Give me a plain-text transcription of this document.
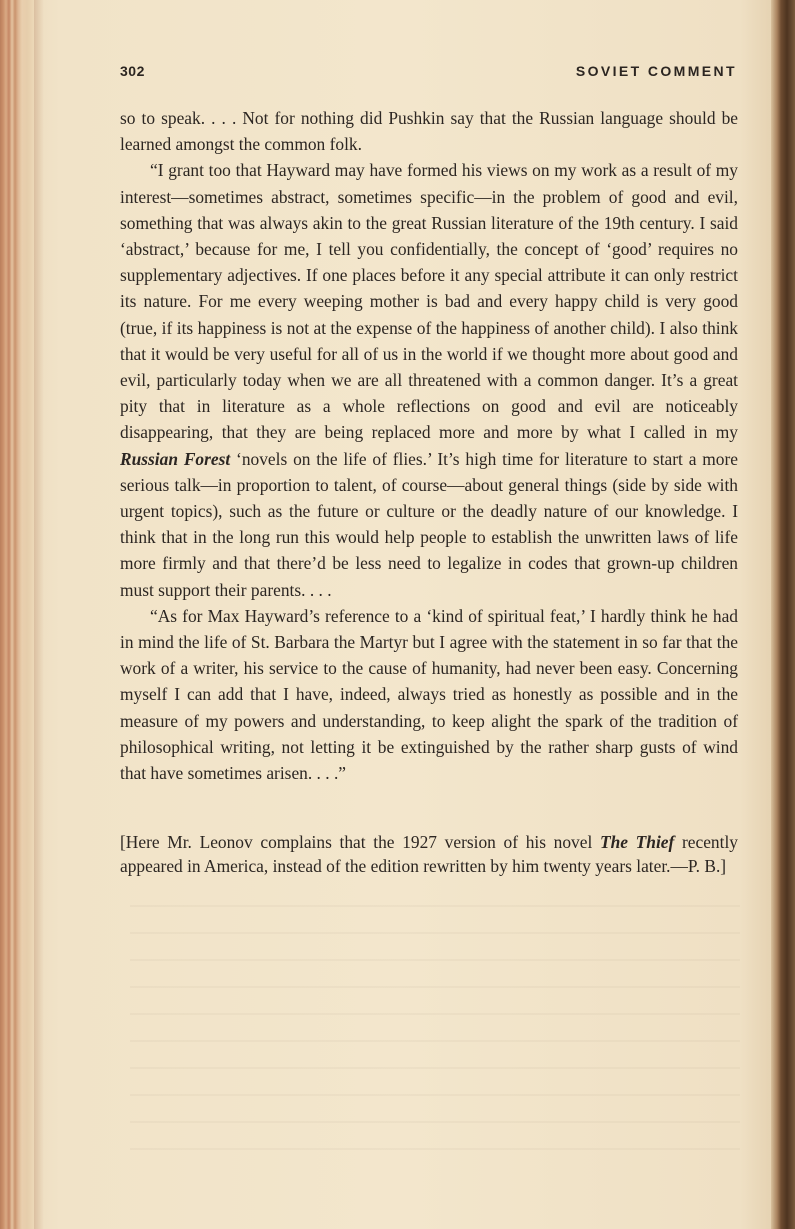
302	SOVIET COMMENT

so to speak. . . . Not for nothing did Pushkin say that the Russian language should be learned amongst the common folk.

“I grant too that Hayward may have formed his views on my work as a result of my interest—sometimes abstract, sometimes specific—in the problem of good and evil, something that was always akin to the great Russian literature of the 19th century. I said ‘abstract,’ because for me, I tell you confidentially, the concept of ‘good’ requires no supplementary adjectives. If one places before it any special attribute it can only restrict its nature. For me every weeping mother is bad and every happy child is very good (true, if its happiness is not at the expense of the happiness of another child). I also think that it would be very useful for all of us in the world if we thought more about good and evil, particularly today when we are all threatened with a common danger. It’s a great pity that in literature as a whole reflections on good and evil are noticeably disappearing, that they are being replaced more and more by what I called in my Russian Forest ‘novels on the life of flies.’ It’s high time for literature to start a more serious talk—in proportion to talent, of course—about general things (side by side with urgent topics), such as the future or culture or the deadly nature of our knowledge. I think that in the long run this would help people to establish the unwritten laws of life more firmly and that there’d be less need to legalize in codes that grown-up children must support their parents. . . .

“As for Max Hayward’s reference to a ‘kind of spiritual feat,’ I hardly think he had in mind the life of St. Barbara the Martyr but I agree with the statement in so far that the work of a writer, his service to the cause of humanity, had never been easy. Concerning myself I can add that I have, indeed, always tried as honestly as possible and in the measure of my powers and understanding, to keep alight the spark of the tradition of philosophical writing, not letting it be extinguished by the rather sharp gusts of wind that have sometimes arisen. . . .”

[Here Mr. Leonov complains that the 1927 version of his novel The Thief recently appeared in America, instead of the edition rewritten by him twenty years later.—P. B.]
